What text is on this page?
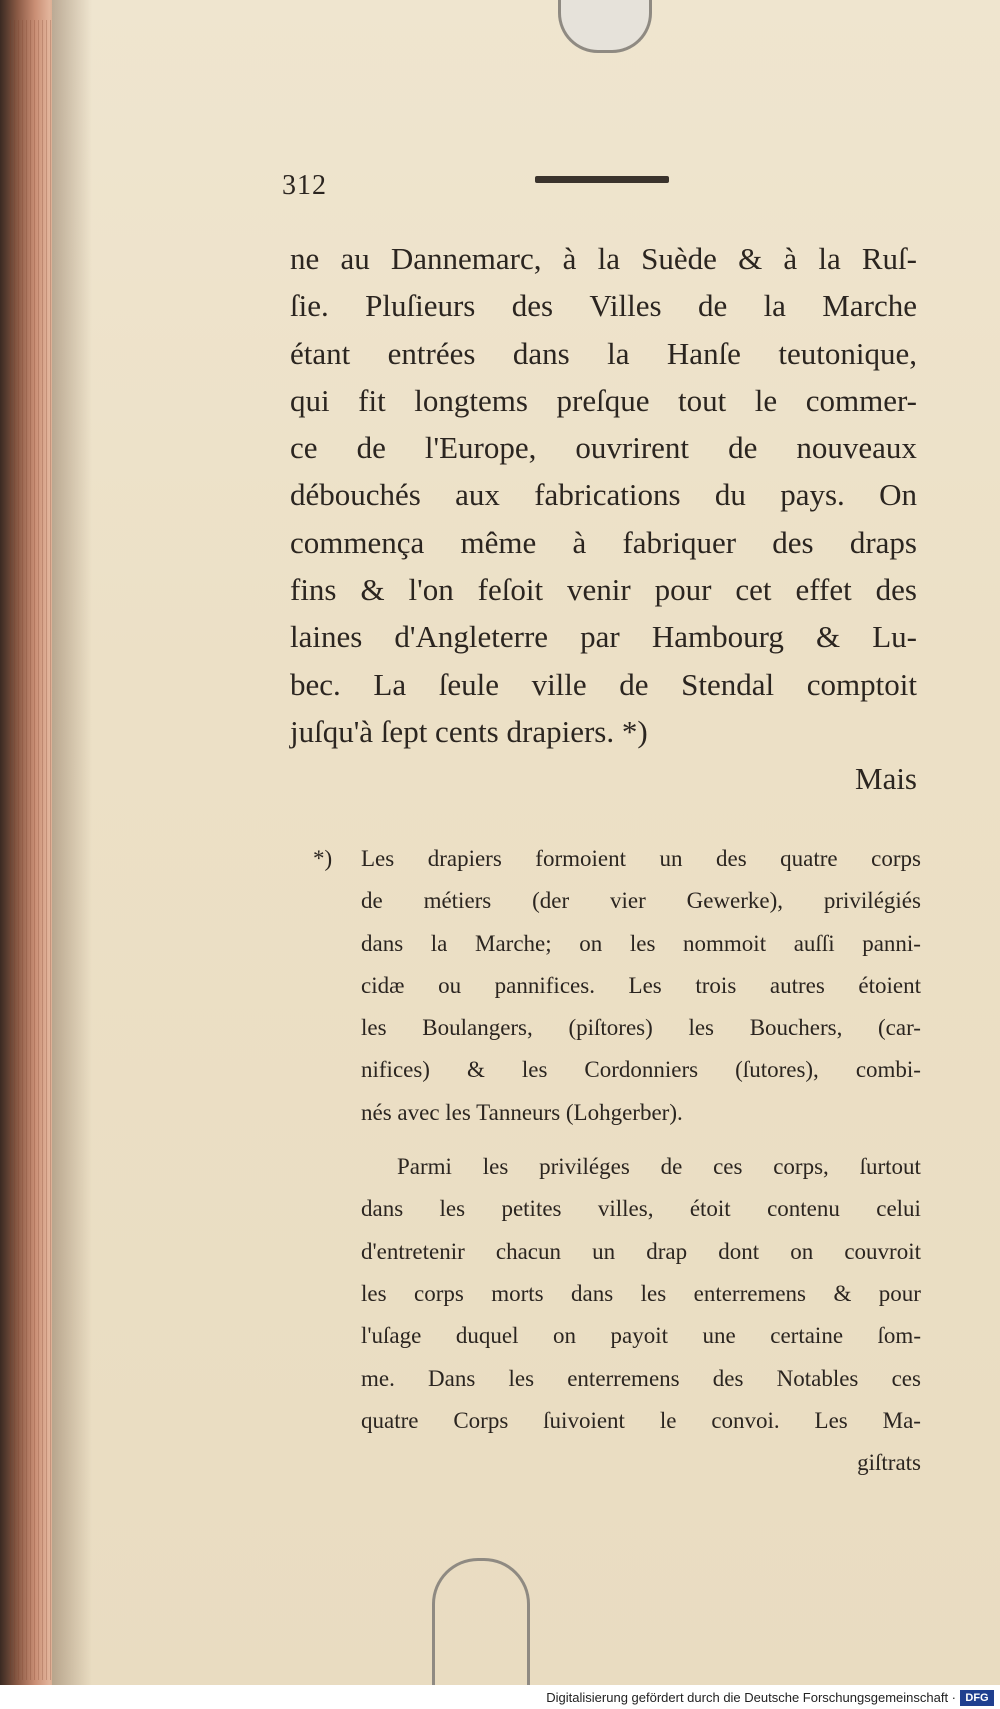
312
ne au Dannemarc, à la Suède & à la Ruſ-
ſie. Pluſieurs des Villes de la Marche
étant entrées dans la Hanſe teutonique,
qui fit longtems preſque tout le commer-
ce de l'Europe, ouvrirent de nouveaux
débouchés aux fabrications du pays. On
commença même à fabriquer des draps
fins & l'on feſoit venir pour cet effet des
laines d'Angleterre par Hambourg & Lu-
bec. La ſeule ville de Stendal comptoit
juſqu'à ſept cents drapiers. *)
Mais
*) Les drapiers formoient un des quatre corps
de métiers (der vier Gewerke), privilégiés
dans la Marche; on les nommoit auſſi panni-
cidæ ou pannifices. Les trois autres étoient
les Boulangers, (piſtores) les Bouchers, (car-
nifices) & les Cordonniers (ſutores), combi-
nés avec les Tanneurs (Lohgerber).
Parmi les priviléges de ces corps, ſurtout
dans les petites villes, étoit contenu celui
d'entretenir chacun un drap dont on couvroit
les corps morts dans les enterremens & pour
l'uſage duquel on payoit une certaine ſom-
me. Dans les enterremens des Notables ces
quatre Corps ſuivoient le convoi. Les Ma-
giſtrats
Digitalisierung gefördert durch die Deutsche Forschungsgemeinschaft · DFG
